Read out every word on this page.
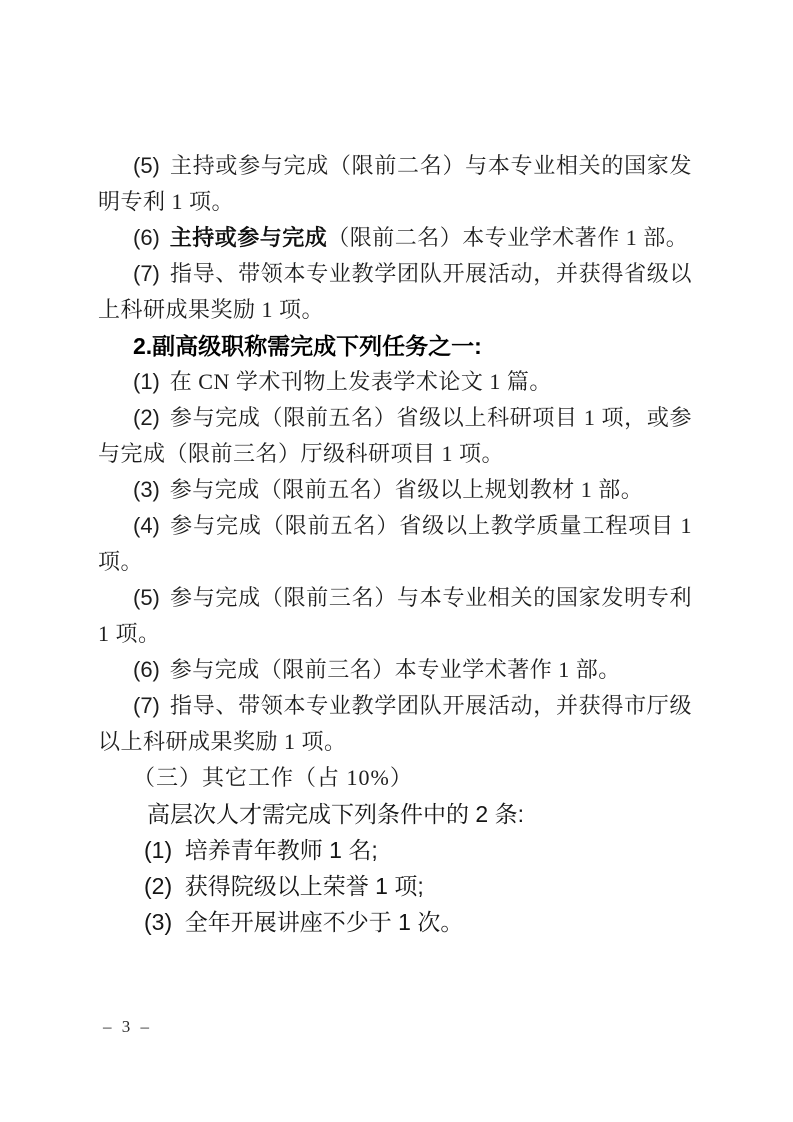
(5) 主持或参与完成（限前二名）与本专业相关的国家发明专利 1 项。

(6) 主持或参与完成（限前二名）本专业学术著作 1 部。

(7) 指导、带领本专业教学团队开展活动，并获得省级以上科研成果奖励 1 项。

2.副高级职称需完成下列任务之一:

(1) 在 CN 学术刊物上发表学术论文 1 篇。

(2) 参与完成（限前五名）省级以上科研项目 1 项，或参与完成（限前三名）厅级科研项目 1 项。

(3) 参与完成（限前五名）省级以上规划教材 1 部。

(4) 参与完成（限前五名）省级以上教学质量工程项目 1 项。

(5) 参与完成（限前三名）与本专业相关的国家发明专利 1 项。

(6) 参与完成（限前三名）本专业学术著作 1 部。

(7) 指导、带领本专业教学团队开展活动，并获得市厅级以上科研成果奖励 1 项。

（三）其它工作（占 10%）

高层次人才需完成下列条件中的 2 条:

(1) 培养青年教师 1 名;

(2) 获得院级以上荣誉 1 项;

(3) 全年开展讲座不少于 1 次。

– 3 –
